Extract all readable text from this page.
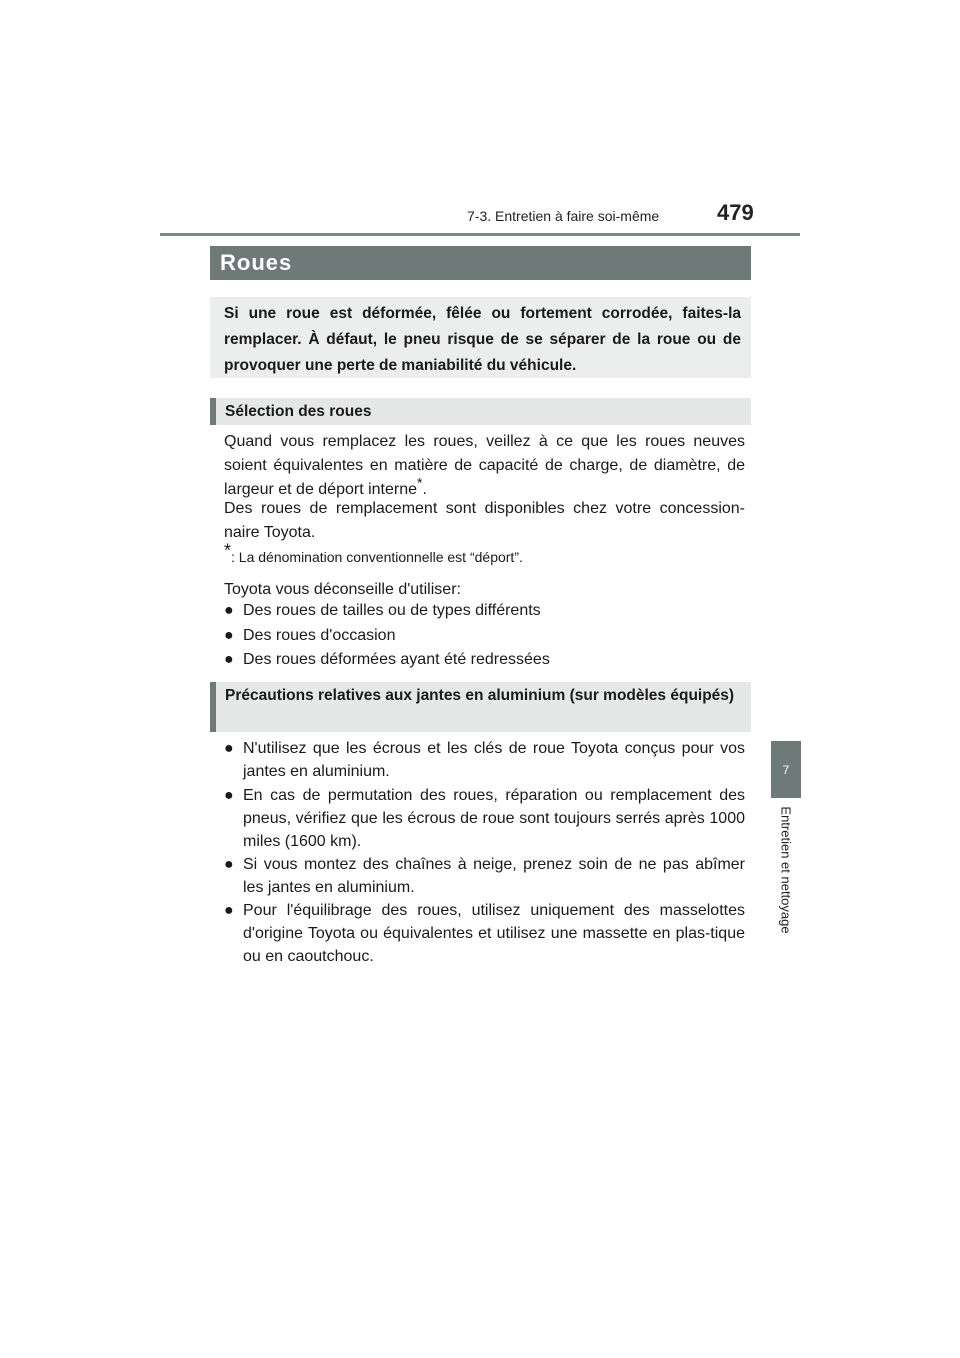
7-3. Entretien à faire soi-même	479
7
Entretien et nettoyage
Roues
Si une roue est déformée, fêlée ou fortement corrodée, faites-la remplacer. À défaut, le pneu risque de se séparer de la roue ou de provoquer une perte de maniabilité du véhicule.
Sélection des roues
Quand vous remplacez les roues, veillez à ce que les roues neuves soient équivalentes en matière de capacité de charge, de diamètre, de largeur et de déport interne*.
Des roues de remplacement sont disponibles chez votre concession-naire Toyota.
*: La dénomination conventionnelle est “déport”.
Toyota vous déconseille d'utiliser:
● Des roues de tailles ou de types différents
● Des roues d'occasion
● Des roues déformées ayant été redressées
Précautions relatives aux jantes en aluminium (sur modèles équipés)
● N'utilisez que les écrous et les clés de roue Toyota conçus pour vos jantes en aluminium.
● En cas de permutation des roues, réparation ou remplacement des pneus, vérifiez que les écrous de roue sont toujours serrés après 1000 miles (1600 km).
● Si vous montez des chaînes à neige, prenez soin de ne pas abîmer les jantes en aluminium.
● Pour l'équilibrage des roues, utilisez uniquement des masselottes d'origine Toyota ou équivalentes et utilisez une massette en plas-tique ou en caoutchouc.
